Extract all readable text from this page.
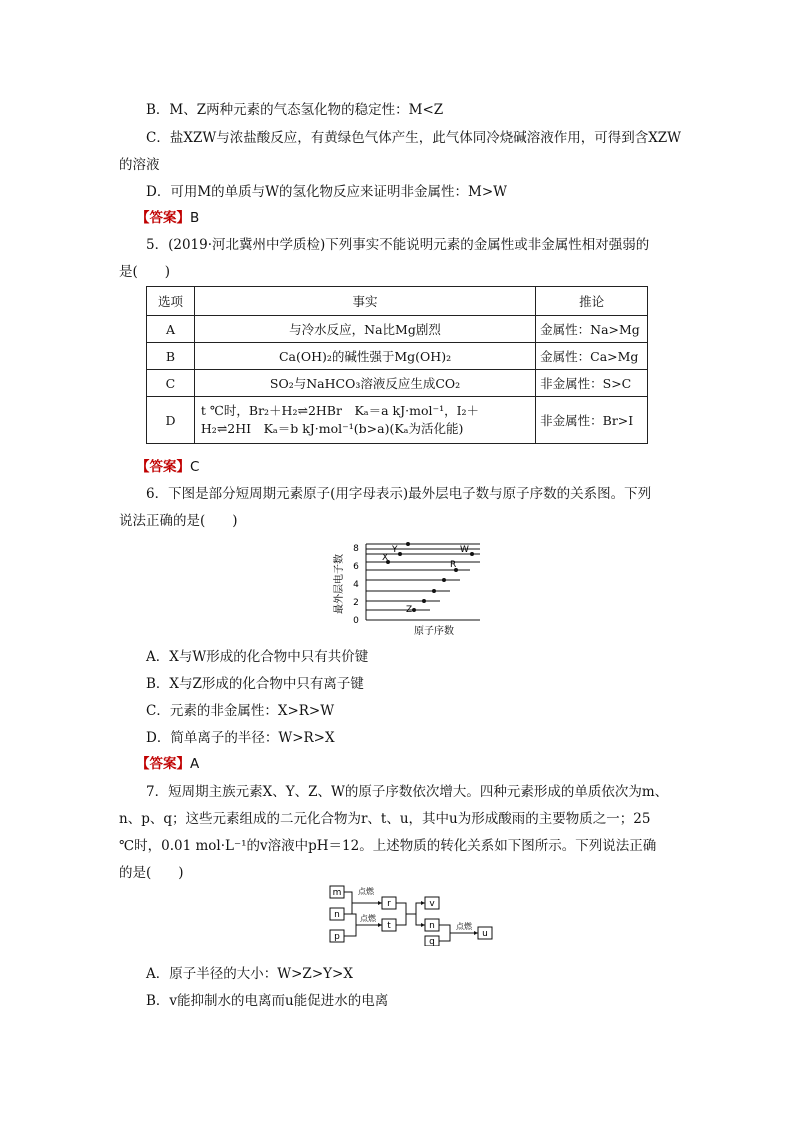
B．M、Z两种元素的气态氢化物的稳定性：M<Z
C．盐XZW与浓盐酸反应，有黄绿色气体产生，此气体同冷烧碱溶液作用，可得到含XZW
的溶液
D．可用M的单质与W的氢化物反应来证明非金属性：M>W
【答案】B
5．(2019·河北冀州中学质检)下列事实不能说明元素的金属性或非金属性相对强弱的
是(　　)
选项	事实	推论
A	与冷水反应，Na比Mg剧烈	金属性：Na>Mg
B	Ca(OH)₂的碱性强于Mg(OH)₂	金属性：Ca>Mg
C	SO₂与NaHCO₃溶液反应生成CO₂	非金属性：S>C
D	t ℃时，Br₂＋H₂⇌2HBr　Kₐ＝a kJ·mol⁻¹，I₂＋
H₂⇌2HI　Kₐ＝b kJ·mol⁻¹(b>a)(Kₐ为活化能)	非金属性：Br>I
【答案】C
6．下图是部分短周期元素原子(用字母表示)最外层电子数与原子序数的关系图。下列
说法正确的是(　　)
最外层电子数
0
2
4
6
8
X
Y	W
R
Z
原子序数
A．X与W形成的化合物中只有共价键
B．X与Z形成的化合物中只有离子键
C．元素的非金属性：X>R>W
D．简单离子的半径：W>R>X
【答案】A
7．短周期主族元素X、Y、Z、W的原子序数依次增大。四种元素形成的单质依次为m、
n、p、q；这些元素组成的二元化合物为r、t、u，其中u为形成酸雨的主要物质之一；25
℃时，0.01 mol·L⁻¹的v溶液中pH＝12。上述物质的转化关系如下图所示。下列说法正确
的是(　　)
m
n
p
r
t
v
n
q
u
点燃
点燃
点燃
A．原子半径的大小：W>Z>Y>X
B．v能抑制水的电离而u能促进水的电离
